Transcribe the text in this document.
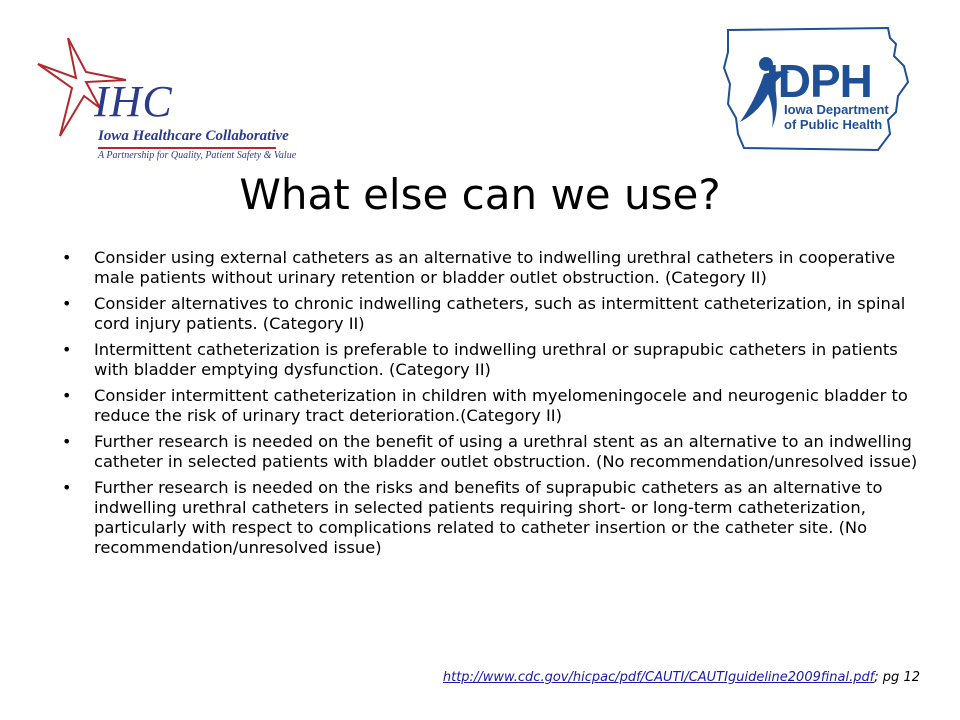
IHC
Iowa Healthcare Collaborative
A Partnership for Quality, Patient Safety & Value
IDPH
Iowa Department
of Public Health
What else can we use?
• Consider using external catheters as an alternative to indwelling urethral catheters in cooperative male patients without urinary retention or bladder outlet obstruction. (Category II)
• Consider alternatives to chronic indwelling catheters, such as intermittent catheterization, in spinal cord injury patients. (Category II)
• Intermittent catheterization is preferable to indwelling urethral or suprapubic catheters in patients with bladder emptying dysfunction. (Category II)
• Consider intermittent catheterization in children with myelomeningocele and neurogenic bladder to reduce the risk of urinary tract deterioration.(Category II)
• Further research is needed on the benefit of using a urethral stent as an alternative to an indwelling catheter in selected patients with bladder outlet obstruction. (No recommendation/unresolved issue)
• Further research is needed on the risks and benefits of suprapubic catheters as an alternative to indwelling urethral catheters in selected patients requiring short- or long-term catheterization, particularly with respect to complications related to catheter insertion or the catheter site. (No recommendation/unresolved issue)
http://www.cdc.gov/hicpac/pdf/CAUTI/CAUTIguideline2009final.pdf; pg 12
